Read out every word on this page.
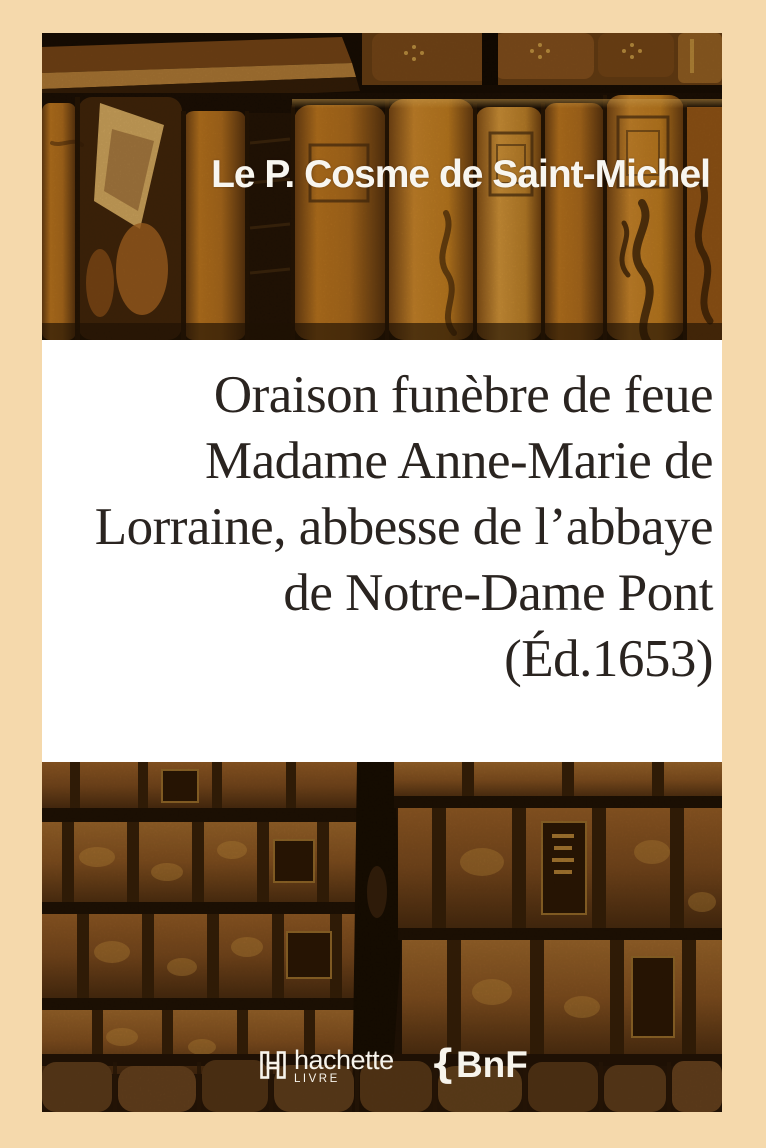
Le P. Cosme de Saint-Michel
Oraison funèbre de feue
Madame Anne-Marie de
Lorraine, abbesse de l’abbaye
de Notre-Dame Pont
(Éd.1653)
hachette
LIVRE	{ BnF
